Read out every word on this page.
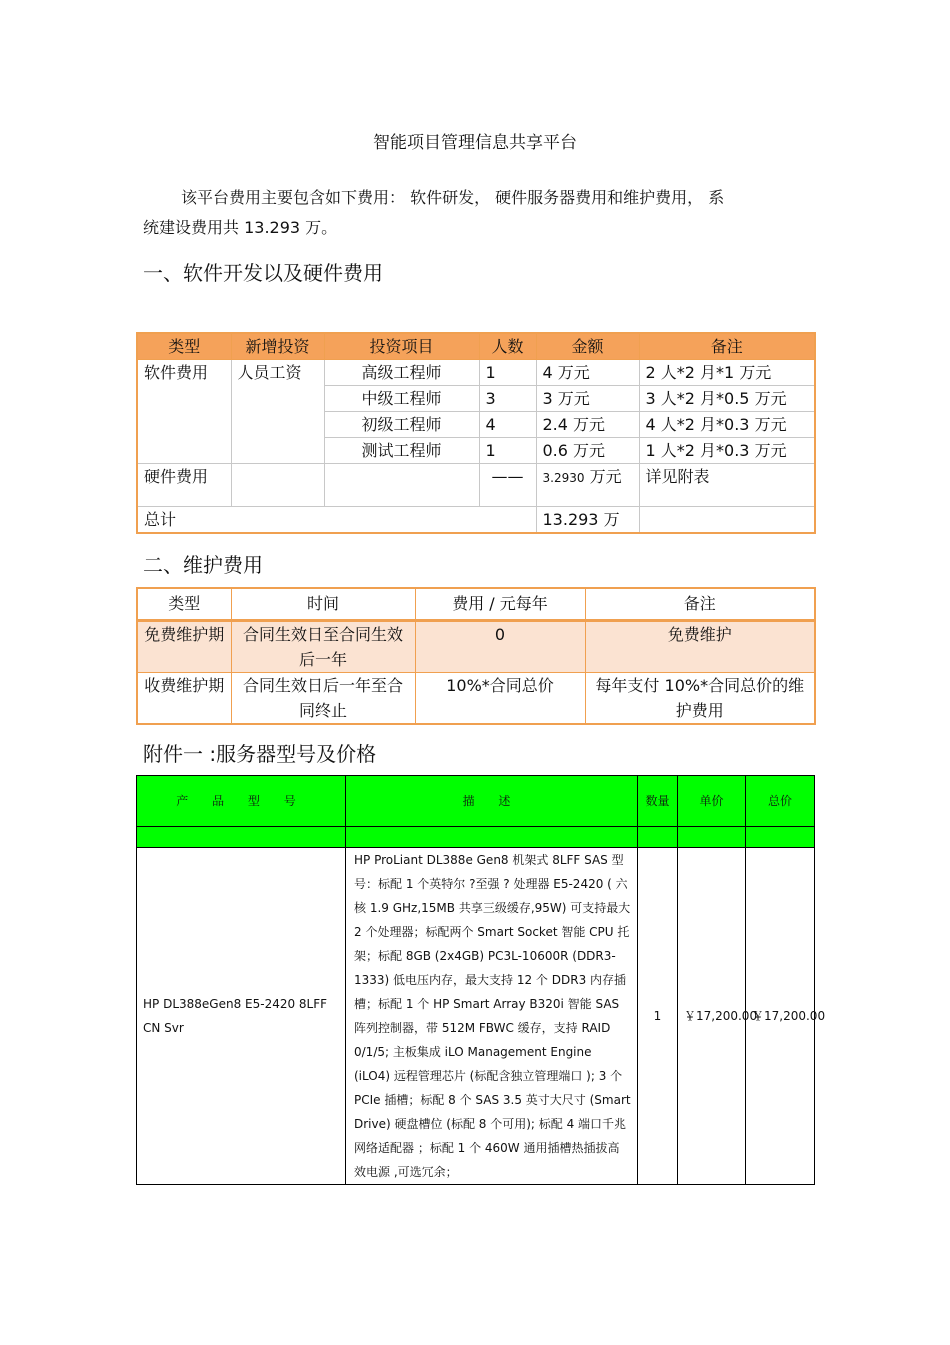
智能项目管理信息共享平台
该平台费用主要包含如下费用： 软件研发， 硬件服务器费用和维护费用， 系
统建设费用共 13.293 万。
一、软件开发以及硬件费用
类型	新增投资	投资项目	人数	金额	备注
软件费用	人员工资	高级工程师	1	4 万元	2 人*2 月*1 万元
		中级工程师	3	3 万元	3 人*2 月*0.5 万元
		初级工程师	4	2.4 万元	4 人*2 月*0.3 万元
		测试工程师	1	0.6 万元	1 人*2 月*0.3 万元
硬件费用			——	3.2930 万元	详见附表
总计				13.293 万	
二、维护费用
类型	时间	费用 / 元每年	备注
免费维护期	合同生效日至合同生效后一年	0	免费维护
收费维护期	合同生效日后一年至合同终止	10%*合同总价	每年支付 10%*合同总价的维护费用
附件一 :服务器型号及价格
产 品 型 号	描 述	数量	单价	总价

HP DL388eGen8 E5-2420 8LFF CN Svr	HP ProLiant DL388e Gen8 机架式 8LFF SAS 型号：标配 1 个英特尔 ?至强 ? 处理器 E5-2420 ( 六核 1.9 GHz,15MB 共享三级缓存,95W) 可支持最大 2 个处理器；标配两个 Smart Socket 智能 CPU 托架；标配 8GB (2x4GB) PC3L-10600R (DDR3-1333) 低电压内存，最大支持 12 个 DDR3 内存插槽；标配 1 个 HP Smart Array B320i 智能 SAS 阵列控制器，带 512M FBWC 缓存，支持 RAID 0/1/5; 主板集成 iLO Management Engine (iLO4) 远程管理芯片 (标配含独立管理端口 ); 3 个 PCIe 插槽；标配 8 个 SAS 3.5 英寸大尺寸 (Smart Drive) 硬盘槽位 (标配 8 个可用); 标配 4 端口千兆网络适配器 ；标配 1 个 460W 通用插槽热插拔高效电源 ,可选冗余；	1	￥17,200.00	￥17,200.00
